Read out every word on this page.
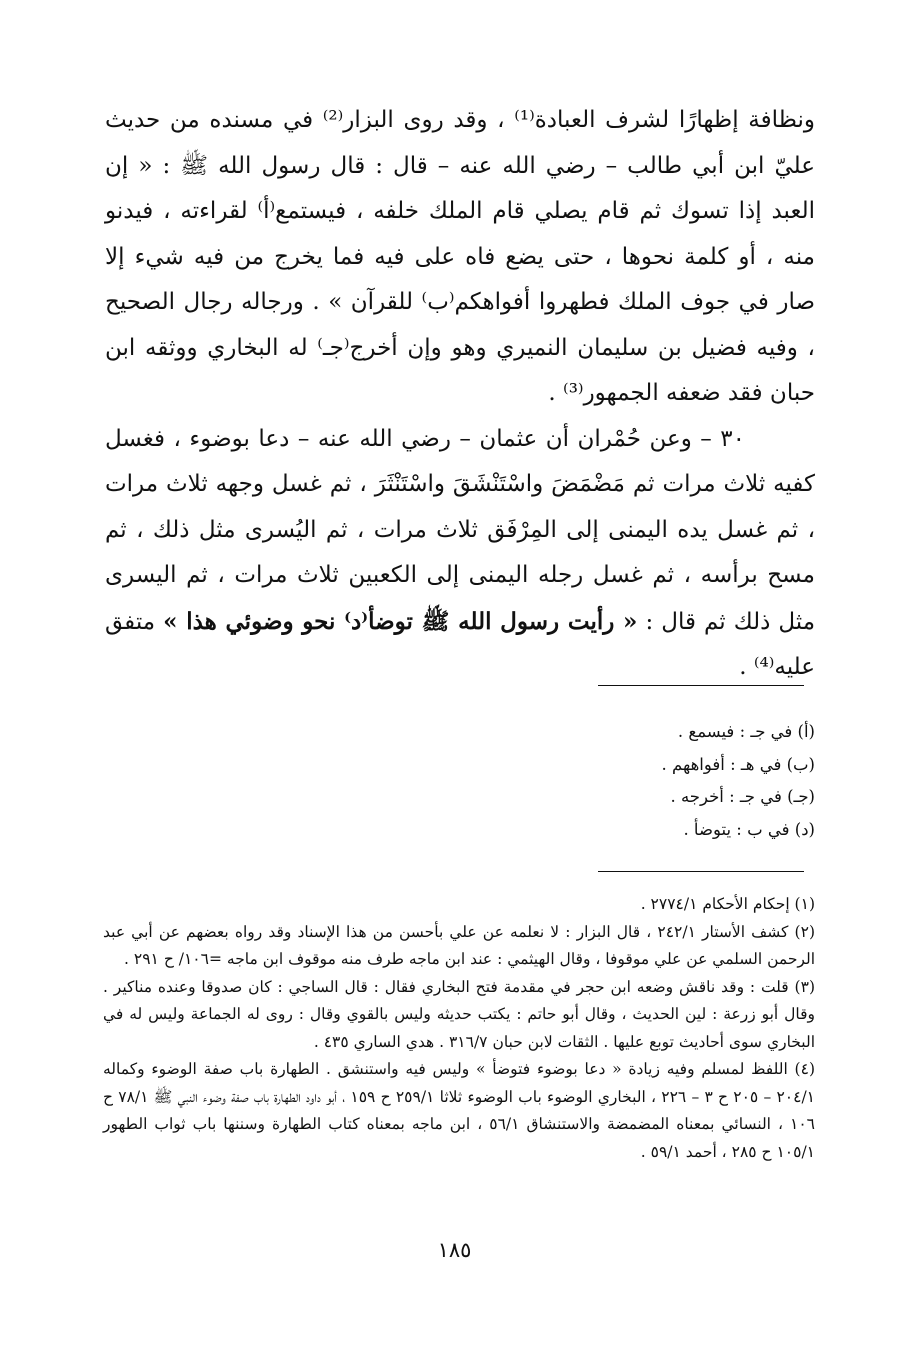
ونظافة إظهارًا لشرف العبادة⁽¹⁾ ، وقد روى البزار⁽²⁾ في مسنده من حديث عليّ ابن أبي طالب – رضي الله عنه – قال : قال رسول الله ﷺ : « إن العبد إذا تسوك ثم قام يصلي قام الملك خلفه ، فيستمع⁽أ⁾ لقراءته ، فيدنو منه ، أو كلمة نحوها ، حتى يضع فاه على فيه فما يخرج من فيه شيء إلا صار في جوف الملك فطهروا أفواهكم⁽ب⁾ للقرآن » . ورجاله رجال الصحيح ، وفيه فضيل بن سليمان النميري وهو وإن أخرج⁽جـ⁾ له البخاري ووثقه ابن حبان فقد ضعفه الجمهور⁽³⁾ .

٣٠ – وعن حُمْران أن عثمان – رضي الله عنه – دعا بوضوء ، فغسل كفيه ثلاث مرات ثم مَضْمَضَ واسْتَنْشَقَ واسْتَنْثَرَ ، ثم غسل وجهه ثلاث مرات ، ثم غسل يده اليمنى إلى المِرْفَق ثلاث مرات ، ثم اليُسرى مثل ذلك ، ثم مسح برأسه ، ثم غسل رجله اليمنى إلى الكعبين ثلاث مرات ، ثم اليسرى مثل ذلك ثم قال : « رأيت رسول الله ﷺ توضأ⁽د⁾ نحو وضوئي هذا » متفق عليه⁽⁴⁾ .

(أ) في جـ : فيسمع .
(ب) في هـ : أفواههم .
(جـ) في جـ : أخرجه .
(د) في ب : يتوضأ .

(١) إحكام الأحكام ٢٧٧٤/١ .

(٢) كشف الأستار ٢٤٢/١ ، قال البزار : لا نعلمه عن علي بأحسن من هذا الإسناد وقد رواه بعضهم عن أبي عبد الرحمن السلمي عن علي موقوفا ، وقال الهيثمي : عند ابن ماجه طرف منه موقوف ابن ماجه =١٠٦/ ح ٢٩١ .

(٣) قلت : وقد ناقش وضعه ابن حجر في مقدمة فتح البخاري فقال : قال الساجي : كان صدوقا وعنده مناكير . وقال أبو زرعة : لين الحديث ، وقال أبو حاتم : يكتب حديثه وليس بالقوي وقال : روى له الجماعة وليس له في البخاري سوى أحاديث توبع عليها . الثقات لابن حبان ٣١٦/٧ . هدي الساري ٤٣٥ .

(٤) اللفظ لمسلم وفيه زيادة « دعا بوضوء فتوضأ » وليس فيه واستنشق . الطهارة باب صفة الوضوء وكماله ٢٠٤/١ – ٢٠٥ ح ٣ – ٢٢٦ ، البخاري الوضوء باب الوضوء ثلاثا ٢٥٩/١ ح ١٥٩ ، أبو داود الطهارة باب صفة وضوء النبي ﷺ ٧٨/١ ح ١٠٦ ، النسائي بمعناه المضمضة والاستنشاق ٥٦/١ ، ابن ماجه بمعناه كتاب الطهارة وسننها باب ثواب الطهور ١٠٥/١ ح ٢٨٥ ، أحمد ٥٩/١ .

١٨٥
